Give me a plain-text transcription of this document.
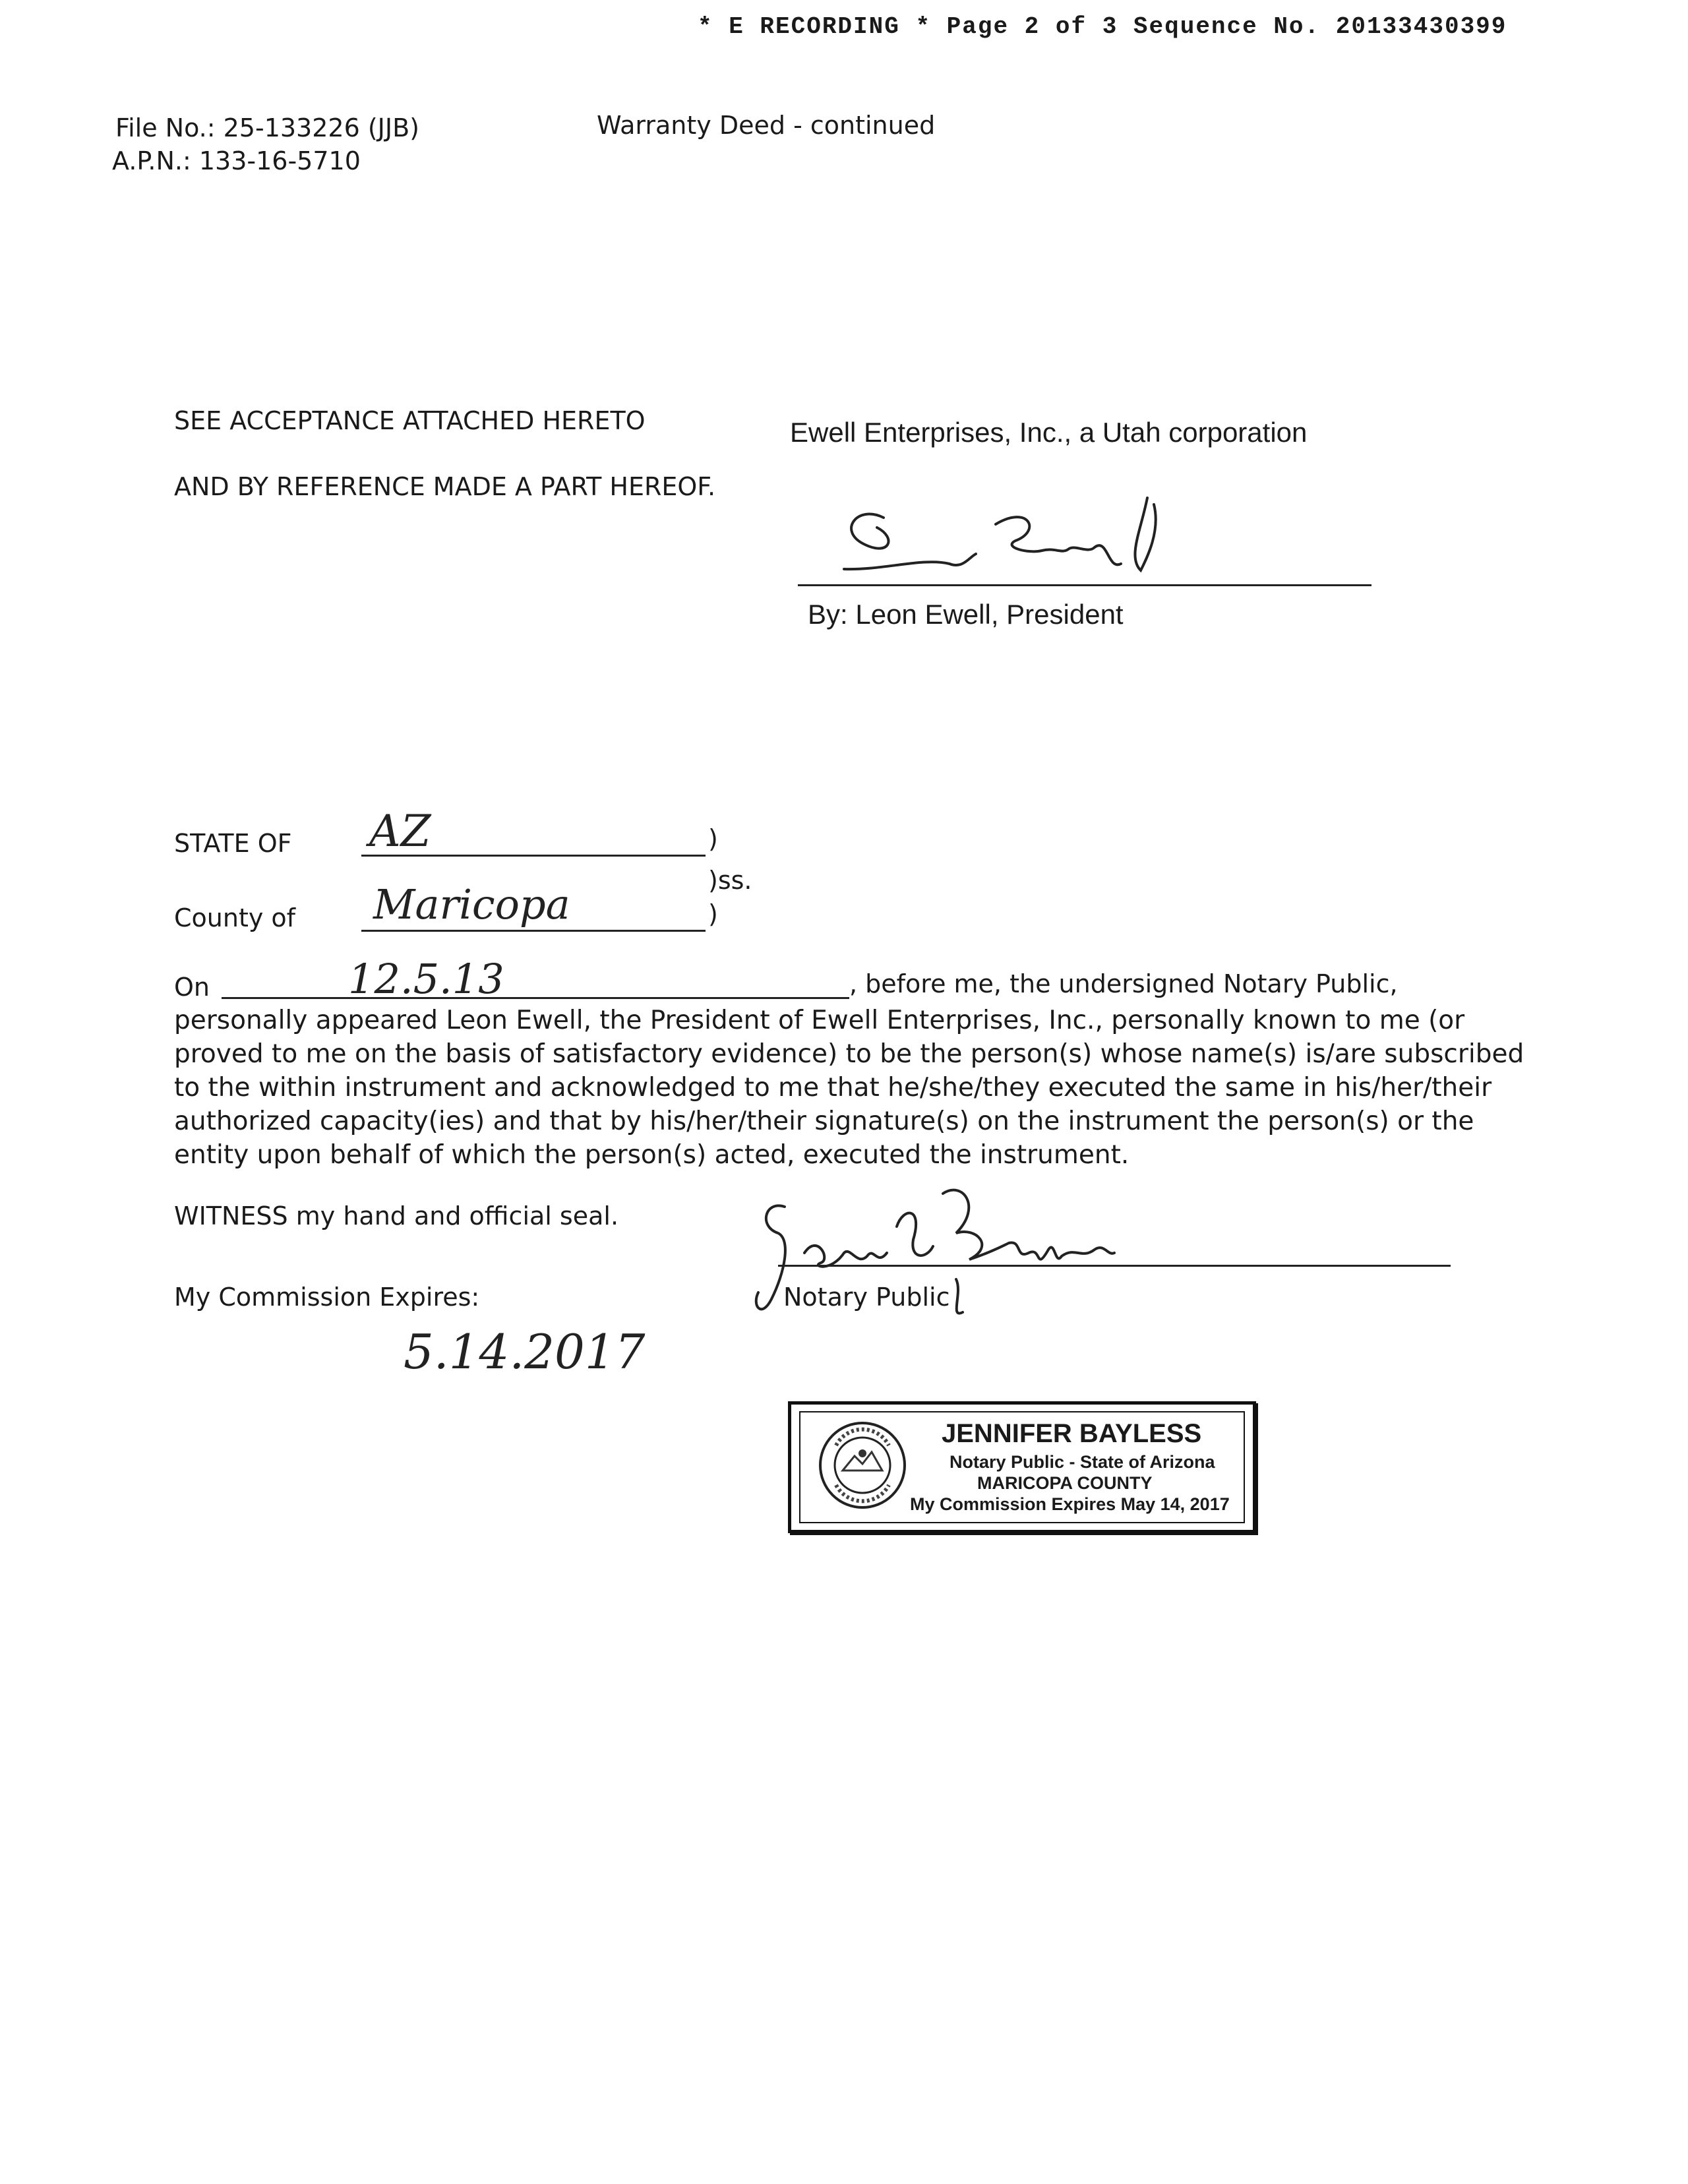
* E RECORDING * Page 2 of 3 Sequence No. 20133430399
File No.: 25-133226 (JJB)
A.P.N.: 133-16-5710
Warranty Deed - continued
SEE ACCEPTANCE ATTACHED HERETO
AND BY REFERENCE MADE A PART HEREOF.
Ewell Enterprises, Inc., a Utah corporation
By: Leon Ewell, President
STATE OF AZ	)
)ss.
County of Maricopa	)
On	12.5.13	, before me, the undersigned Notary Public,
personally appeared Leon Ewell, the President of Ewell Enterprises, Inc., personally known to me (or
proved to me on the basis of satisfactory evidence) to be the person(s) whose name(s) is/are subscribed
to the within instrument and acknowledged to me that he/she/they executed the same in his/her/their
authorized capacity(ies) and that by his/her/their signature(s) on the instrument the person(s) or the
entity upon behalf of which the person(s) acted, executed the instrument.
WITNESS my hand and official seal.
My Commission Expires:
5.14.2017
Notary Public
JENNIFER BAYLESS
Notary Public - State of Arizona
MARICOPA COUNTY
My Commission Expires May 14, 2017
